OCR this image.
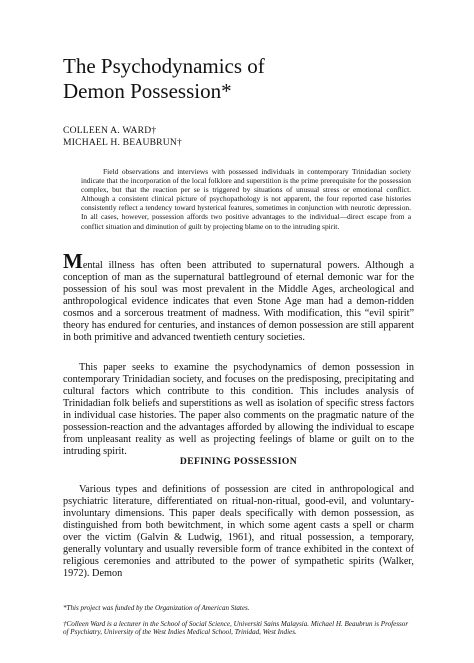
The Psychodynamics of
Demon Possession*
COLLEEN A. WARD†
MICHAEL H. BEAUBRUN†

Field observations and interviews with possessed individuals in contemporary Trinidadian society indicate that the incorporation of the local folklore and superstition is the prime prerequisite for the possession complex, but that the reaction per se is triggered by situations of unusual stress or emotional conflict. Although a consistent clinical picture of psychopathology is not apparent, the four reported case histories consistently reflect a tendency toward hysterical features, sometimes in conjunction with neurotic depression. In all cases, however, possession affords two positive advantages to the individual—direct escape from a conflict situation and diminution of guilt by projecting blame on to the intruding spirit.

Mental illness has often been attributed to supernatural powers. Although a conception of man as the supernatural battleground of eternal demonic war for the possession of his soul was most prevalent in the Middle Ages, archeological and anthropological evidence indicates that even Stone Age man had a demon-ridden cosmos and a sorcerous treatment of madness. With modification, this “evil spirit” theory has endured for centuries, and instances of demon possession are still apparent in both primitive and advanced twentieth century societies.

This paper seeks to examine the psychodynamics of demon possession in contemporary Trinidadian society, and focuses on the predisposing, precipitating and cultural factors which contribute to this condition. This includes analysis of Trinidadian folk beliefs and superstitions as well as isolation of specific stress factors in individual case histories. The paper also comments on the pragmatic nature of the possession-reaction and the advantages afforded by allowing the individual to escape from unpleasant reality as well as projecting feelings of blame or guilt on to the intruding spirit.

DEFINING POSSESSION

Various types and definitions of possession are cited in anthropological and psychiatric literature, differentiated on ritual-non-ritual, good-evil, and voluntary-involuntary dimensions. This paper deals specifically with demon possession, as distinguished from both bewitchment, in which some agent casts a spell or charm over the victim (Galvin & Ludwig, 1961), and ritual possession, a temporary, generally voluntary and usually reversible form of trance exhibited in the context of religious ceremonies and attributed to the power of sympathetic spirits (Walker, 1972). Demon

*This project was funded by the Organization of American States.

†Colleen Ward is a lecturer in the School of Social Science, Universiti Sains Malaysia. Michael H. Beaubrun is Professor of Psychiatry, University of the West Indies Medical School, Trinidad, West Indies.
